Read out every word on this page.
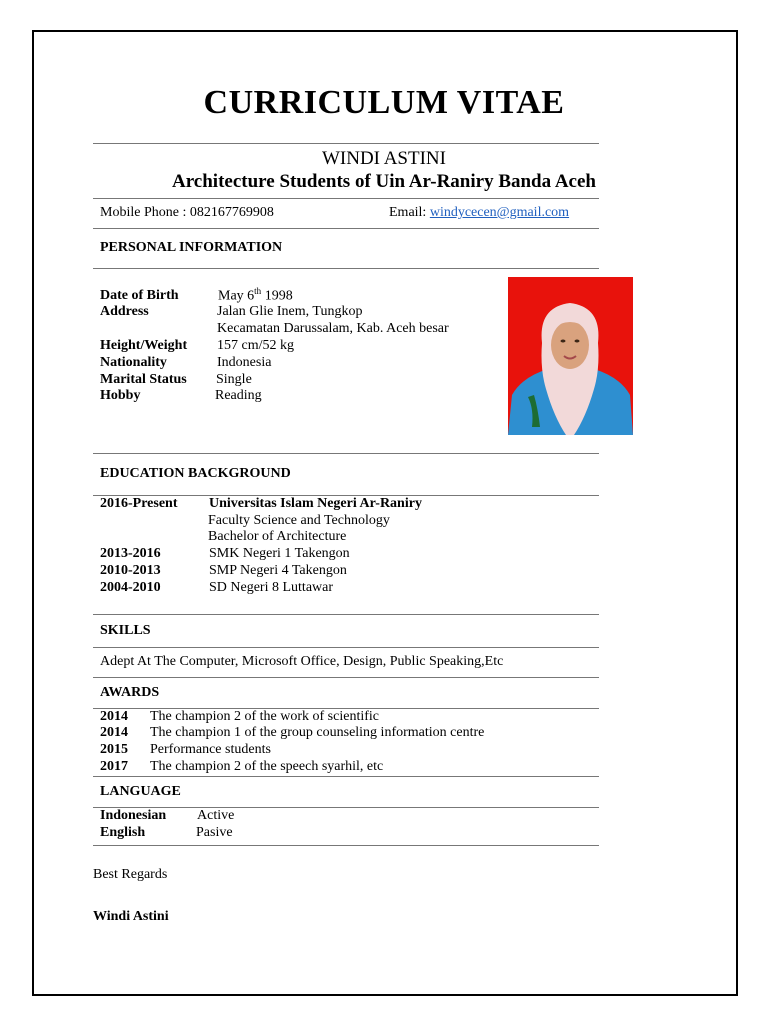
CURRICULUM VITAE
WINDI ASTINI
Architecture Students of Uin Ar-Raniry Banda Aceh
Mobile Phone : 082167769908	Email: windycecen@gmail.com
PERSONAL INFORMATION
Date of Birth	May 6th 1998
Address	Jalan Glie Inem, Tungkop
Kecamatan Darussalam, Kab. Aceh besar
Height/Weight 157 cm/52 kg
Nationality	Indonesia
Marital Status Single
Hobby	Reading
EDUCATION BACKGROUND
2016-Present Universitas Islam Negeri Ar-Raniry
Faculty Science and Technology
Bachelor of Architecture
2013-2016	SMK Negeri 1 Takengon
2010-2013	SMP Negeri 4 Takengon
2004-2010	SD Negeri 8 Luttawar
SKILLS
Adept At The Computer, Microsoft Office, Design, Public Speaking,Etc
AWARDS
2014 The champion 2 of the work of scientific
2014 The champion 1 of the group counseling information centre
2015 Performance students
2017 The champion 2 of the speech syarhil, etc
LANGUAGE
Indonesian Active
English	Pasive
Best Regards
Windi Astini
